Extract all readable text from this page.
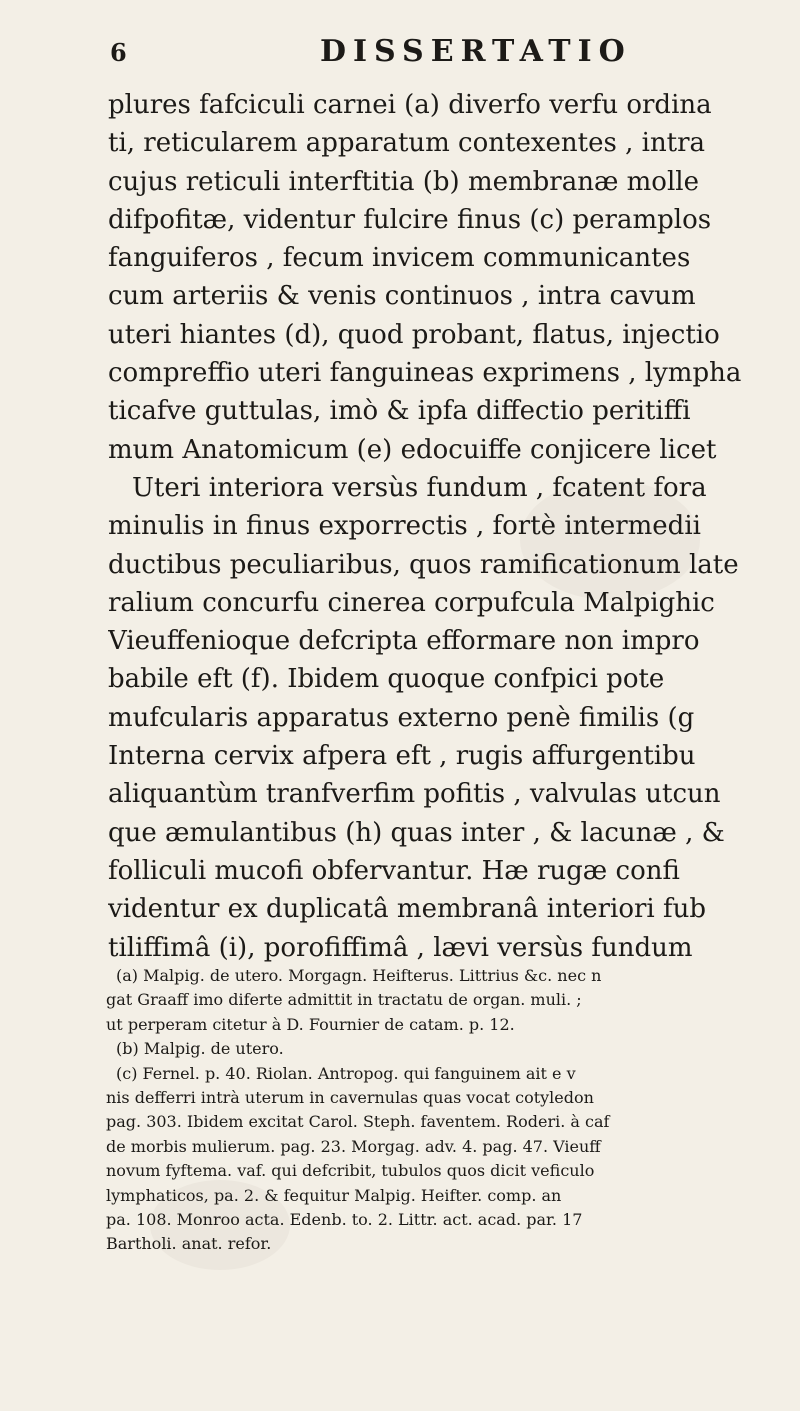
6	DISSERTATIO

plures fafciculi carnei (a) diverfo verfu ordina

ti, reticularem apparatum contexentes , intra

cujus reticuli interftitia (b) membranæ molle

difpofitæ, videntur fulcire finus (c) peramplos

fanguiferos , fecum invicem communicantes

cum arteriis & venis continuos , intra cavum

uteri hiantes (d), quod probant, flatus, injectio

compreffio uteri fanguineas exprimens , lympha

ticafve guttulas, imò & ipfa diffectio peritiffi

mum Anatomicum (e) edocuiffe conjicere licet

Uteri interiora versùs fundum , fcatent fora

minulis in finus exporrectis , fortè intermedii

ductibus peculiaribus, quos ramificationum late

ralium concurfu cinerea corpufcula Malpighic

Vieuffenioque defcripta efformare non impro

babile eft (f). Ibidem quoque confpici pote

mufcularis apparatus externo penè fimilis (g

Interna cervix afpera eft , rugis affurgentibu

aliquantùm tranfverfim pofitis , valvulas utcun

que æmulantibus (h) quas inter , & lacunæ , &

folliculi mucofi obfervantur. Hæ rugæ confi

videntur ex duplicatâ membranâ interiori fub

tiliffimâ (i), porofiffimâ , lævi versùs fundum

(a) Malpig. de utero. Morgagn. Heifterus. Littrius &c. nec n

gat Graaff imo diferte admittit in tractatu de organ. muli. ;

ut perperam citetur à D. Fournier de catam. p. 12.

(b) Malpig. de utero.

(c) Fernel. p. 40. Riolan. Antropog. qui fanguinem ait e v

nis defferri intrà uterum in cavernulas quas vocat cotyledon

pag. 303. Ibidem excitat Carol. Steph. faventem. Roderi. à caf

de morbis mulierum. pag. 23. Morgag. adv. 4. pag. 47. Vieuff

novum fyftema. vaf. qui defcribit, tubulos quos dicit veficulo

lymphaticos, pa. 2. & fequitur Malpig. Heifter. comp. an

pa. 108. Monroo acta. Edenb. to. 2. Littr. act. acad. par. 17

Bartholi. anat. refor.
